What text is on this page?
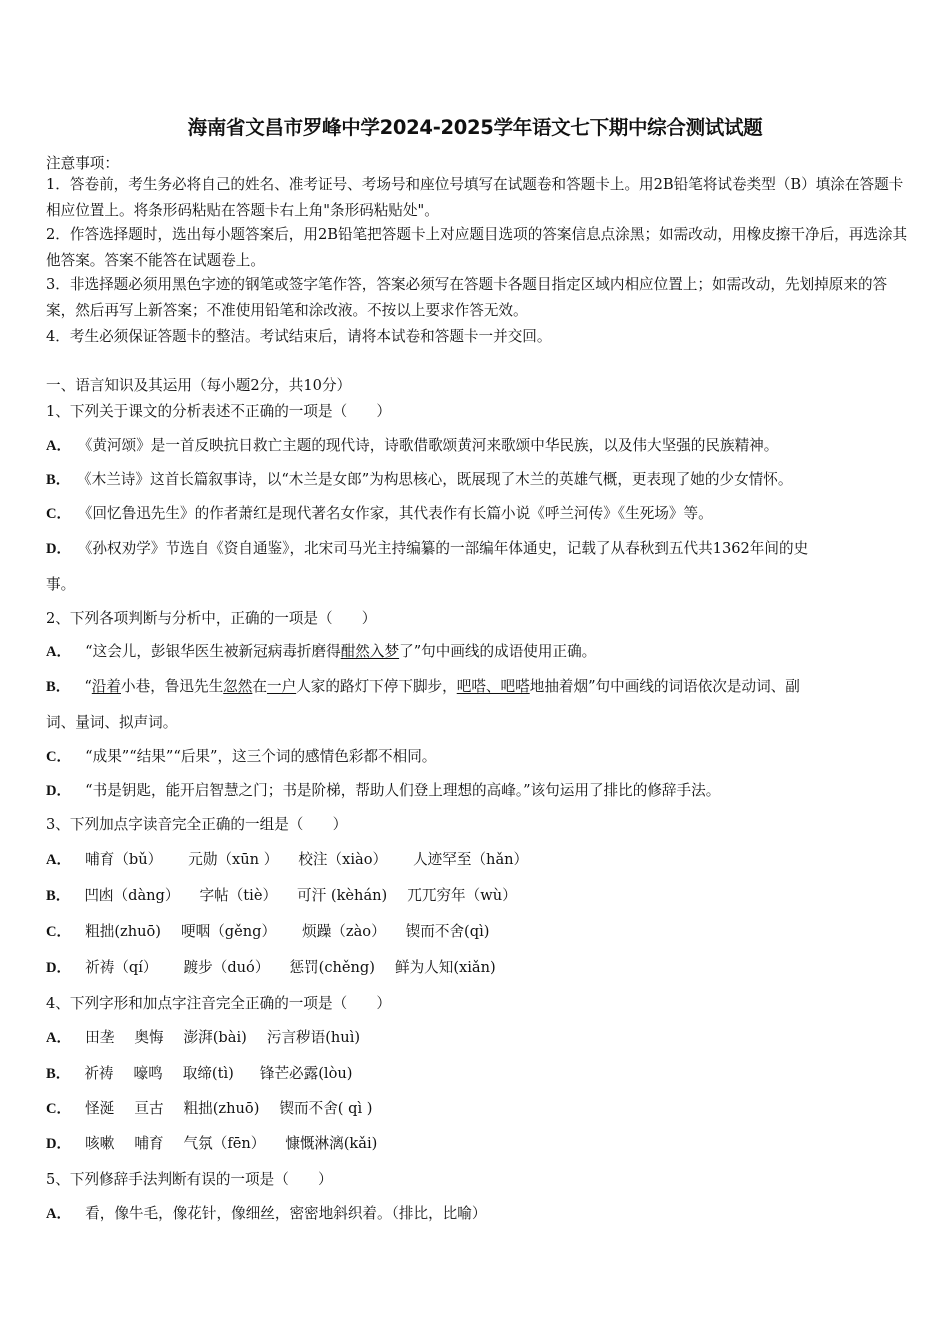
海南省文昌市罗峰中学2024-2025学年语文七下期中综合测试试题
注意事项：
1．答卷前，考生务必将自己的姓名、准考证号、考场号和座位号填写在试题卷和答题卡上。用2B铅笔将试卷类型（B）填涂在答题卡相应位置上。将条形码粘贴在答题卡右上角"条形码粘贴处"。
2．作答选择题时，选出每小题答案后，用2B铅笔把答题卡上对应题目选项的答案信息点涂黑；如需改动，用橡皮擦干净后，再选涂其他答案。答案不能答在试题卷上。
3．非选择题必须用黑色字迹的钢笔或签字笔作答，答案必须写在答题卡各题目指定区域内相应位置上；如需改动，先划掉原来的答案，然后再写上新答案；不准使用铅笔和涂改液。不按以上要求作答无效。
4．考生必须保证答题卡的整洁。考试结束后，请将本试卷和答题卡一并交回。
一、语言知识及其运用（每小题2分，共10分）
1、下列关于课文的分析表述不正确的一项是（　　）
A． 《黄河颂》是一首反映抗日救亡主题的现代诗，诗歌借歌颂黄河来歌颂中华民族，以及伟大坚强的民族精神。
B． 《木兰诗》这首长篇叙事诗，以“木兰是女郎”为构思核心，既展现了木兰的英雄气概，更表现了她的少女情怀。
C． 《回忆鲁迅先生》的作者萧红是现代著名女作家，其代表作有长篇小说《呼兰河传》《生死场》等。
D． 《孙权劝学》节选自《资自通鉴》，北宋司马光主持编纂的一部编年体通史，记载了从春秋到五代共1362年间的史
事。
2、下列各项判断与分析中，正确的一项是（　　）
A． “这会儿，彭银华医生被新冠病毒折磨得酣然入梦了”句中画线的成语使用正确。
B． “沿着小巷，鲁迅先生忽然在一户人家的路灯下停下脚步，吧嗒、吧嗒地抽着烟”句中画线的词语依次是动词、副
词、量词、拟声词。
C． “成果”“结果”“后果”，这三个词的感情色彩都不相同。
D． “书是钥匙，能开启智慧之门；书是阶梯，帮助人们登上理想的高峰。”该句运用了排比的修辞手法。
3、下列加点字读音完全正确的一组是（　　）
A． 哺育（bǔ） 元勋（xūn ） 校注（xiào） 人迹罕至（hǎn）
B． 凹凼（dàng） 字帖（tiè） 可汗 (kèhán) 兀兀穷年（wù）
C． 粗拙(zhuō) 哽咽（gěng） 烦躁（zào） 锲而不舍(qì)
D． 祈祷（qí） 踱步（duó） 惩罚(chěng) 鲜为人知(xiǎn)
4、下列字形和加点字注音完全正确的一项是（　　）
A． 田垄 奥悔 澎湃(bài) 污言秽语(huì)
B． 祈祷 嚎鸣 取缔(tì) 锋芒必露(lòu)
C． 怪涎 亘古 粗拙(zhuō) 锲而不舍( qì )
D． 咳嗽 哺育 气氛（fēn） 慷慨淋漓(kǎi)
5、下列修辞手法判断有误的一项是（　　）
A． 看，像牛毛，像花针，像细丝，密密地斜织着。（排比，比喻）
